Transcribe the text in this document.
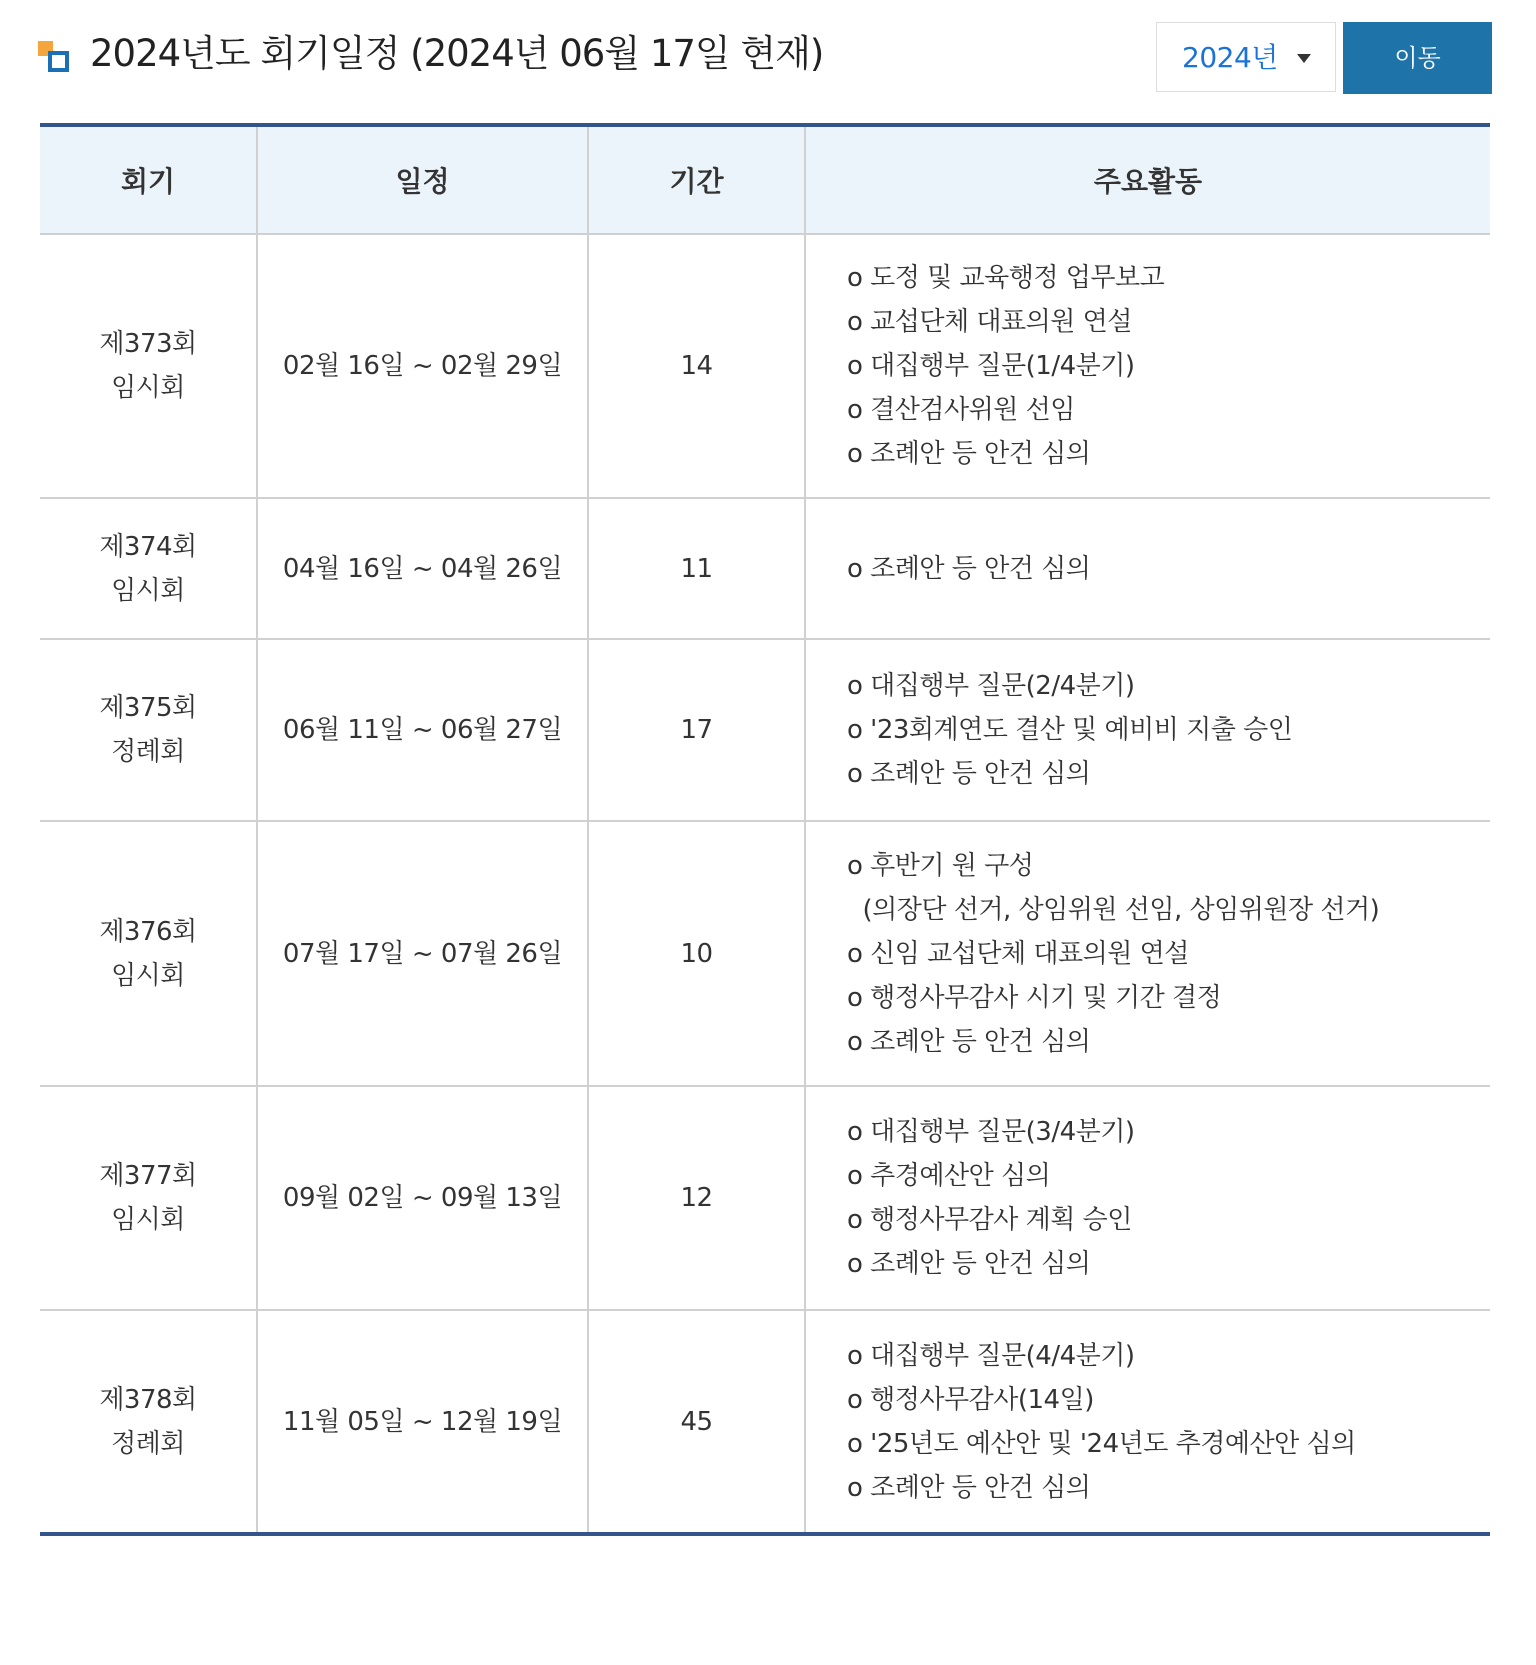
2024년도 회기일정 (2024년 06월 17일 현재)	2024년	이동
회기	일정	기간	주요활동

제373회
임시회	02월 16일 ~ 02월 29일	14	o 도정 및 교육행정 업무보고
o 교섭단체 대표의원 연설
o 대집행부 질문(1/4분기)
o 결산검사위원 선임
o 조례안 등 안건 심의

제374회
임시회	04월 16일 ~ 04월 26일	11	o 조례안 등 안건 심의

제375회
정례회	06월 11일 ~ 06월 27일	17	o 대집행부 질문(2/4분기)
o '23회계연도 결산 및 예비비 지출 승인
o 조례안 등 안건 심의

제376회
임시회	07월 17일 ~ 07월 26일	10	o 후반기 원 구성
(의장단 선거, 상임위원 선임, 상임위원장 선거)
o 신임 교섭단체 대표의원 연설
o 행정사무감사 시기 및 기간 결정
o 조례안 등 안건 심의

제377회
임시회	09월 02일 ~ 09월 13일	12	o 대집행부 질문(3/4분기)
o 추경예산안 심의
o 행정사무감사 계획 승인
o 조례안 등 안건 심의

제378회
정례회	11월 05일 ~ 12월 19일	45	o 대집행부 질문(4/4분기)
o 행정사무감사(14일)
o '25년도 예산안 및 '24년도 추경예산안 심의
o 조례안 등 안건 심의
